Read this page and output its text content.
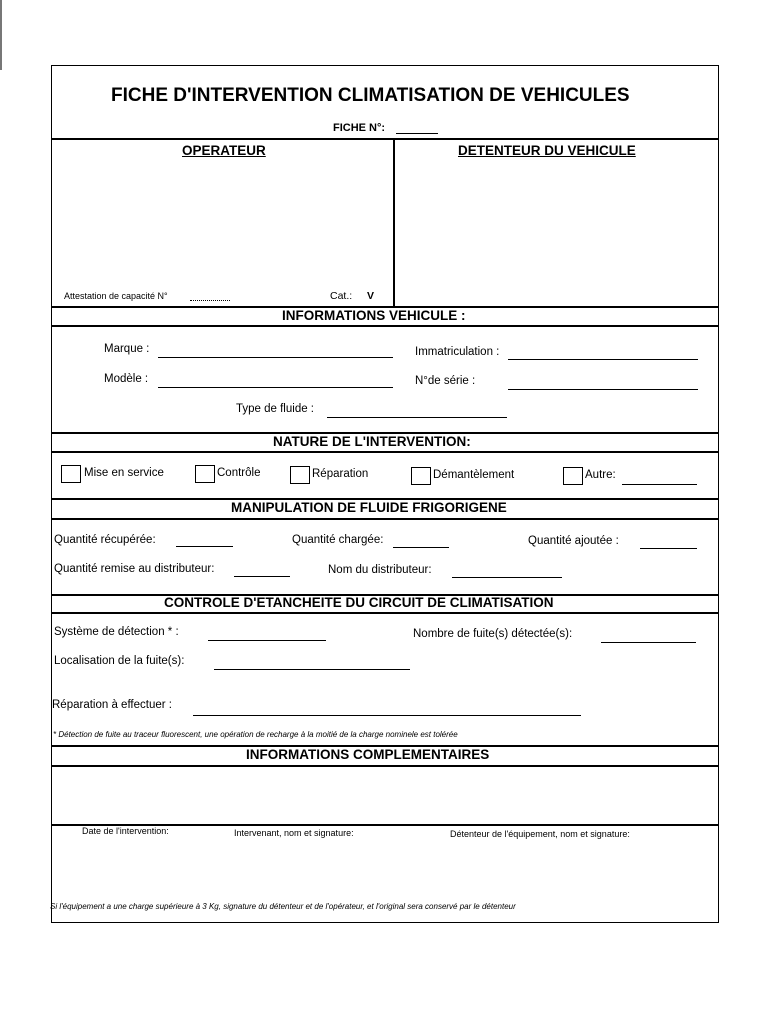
FICHE D'INTERVENTION CLIMATISATION DE VEHICULES
FICHE N°:
OPERATEUR	DETENTEUR DU VEHICULE
Attestation de capacité N°	Cat.: V
INFORMATIONS VEHICULE :
Marque :	Immatriculation :
Modèle :	N°de série :
Type de fluide :
NATURE DE L'INTERVENTION:
Mise en service	Contrôle	Réparation	Démantèlement	Autre:
MANIPULATION DE FLUIDE FRIGORIGENE
Quantité récupérée:	Quantité chargée:	Quantité ajoutée :
Quantité remise au distributeur:	Nom du distributeur:
CONTROLE D'ETANCHEITE DU CIRCUIT DE CLIMATISATION
Système de détection * :	Nombre de fuite(s) détectée(s):
Localisation de la fuite(s):
Réparation à effectuer :
* Détection de fuite au traceur fluorescent, une opération de recharge à la moitié de la charge nominele est tolérée
INFORMATIONS COMPLEMENTAIRES
Date de l'intervention:	Intervenant, nom et signature:	Détenteur de l'équipement, nom et signature:
Si l'équipement a une charge supérieure à 3 Kg, signature du détenteur et de l'opérateur, et l'original sera conservé par le détenteur
